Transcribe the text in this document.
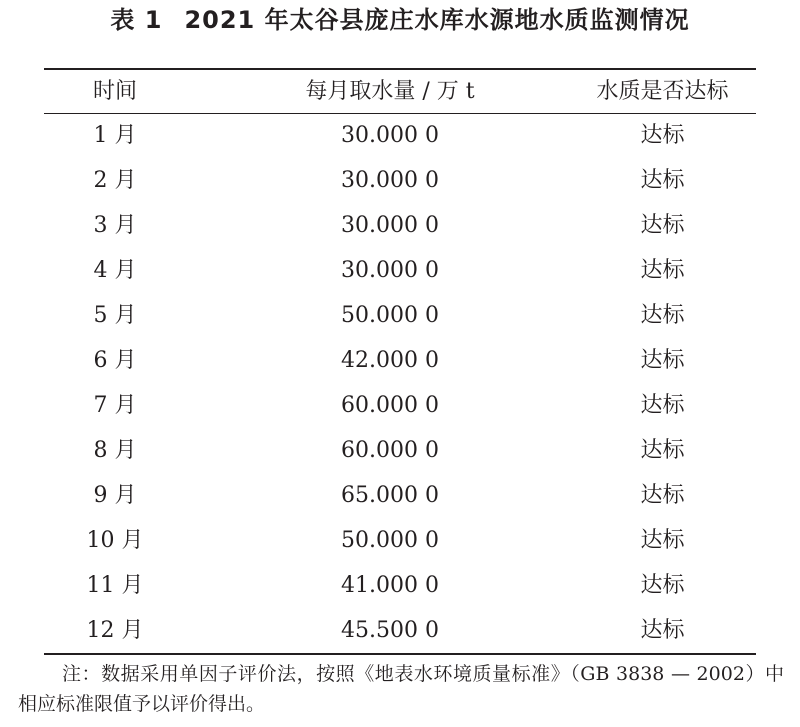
表 1 2021 年太谷县庞庄水库水源地水质监测情况
时间	每月取水量 / 万 t	水质是否达标
1 月	30.000 0	达标
2 月	30.000 0	达标
3 月	30.000 0	达标
4 月	30.000 0	达标
5 月	50.000 0	达标
6 月	42.000 0	达标
7 月	60.000 0	达标
8 月	60.000 0	达标
9 月	65.000 0	达标
10 月	50.000 0	达标
11 月	41.000 0	达标
12 月	45.500 0	达标
注：数据采用单因子评价法，按照《地表水环境质量标准》（GB 3838 — 2002）中相应标准限值予以评价得出。
